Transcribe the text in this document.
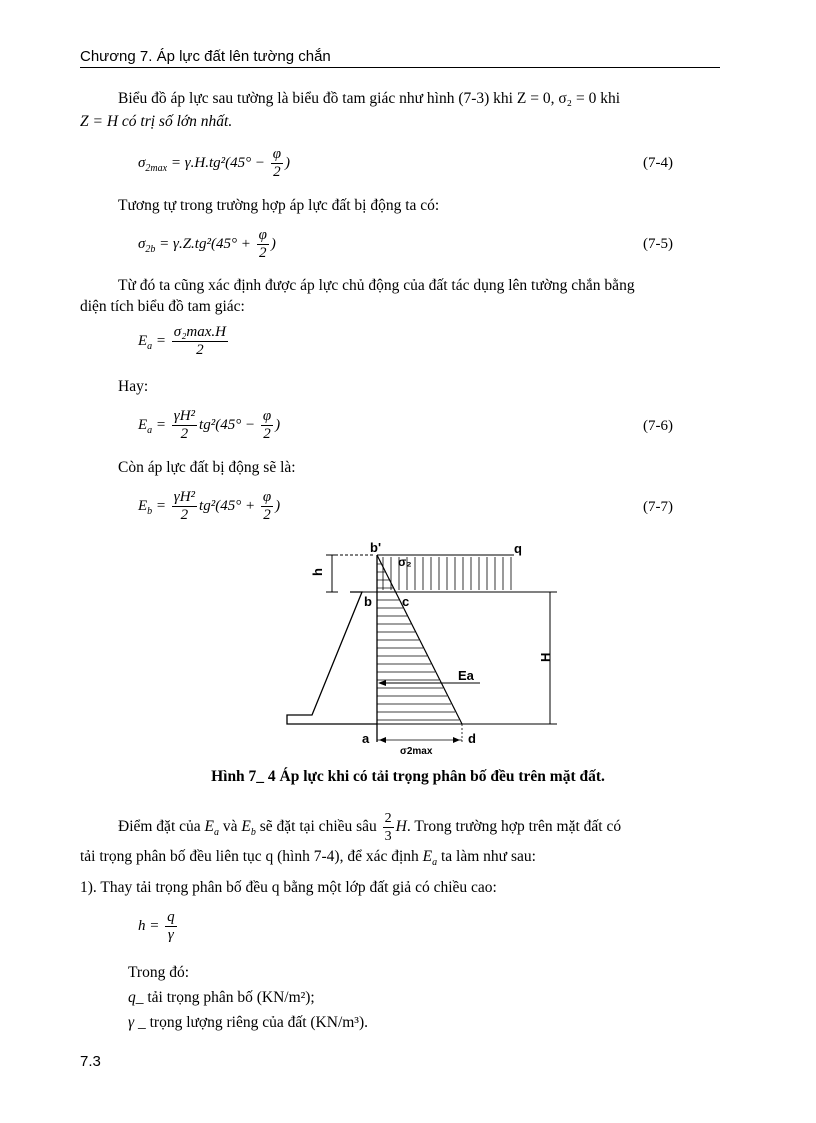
Chương 7. Áp lực đất lên tường chắn
Biểu đồ áp lực sau tường là biểu đồ tam giác như hình (7-3) khi Z = 0, σ₂ = 0 khi
Z = H có trị số lớn nhất.
$\sigma_{2max} = \gamma.H.tg^2(45^\circ - \frac{\varphi}{2}$ )	(7-4)
Tương tự trong trường hợp áp lực đất bị động ta có:
$\sigma_{2b} = \gamma.Z.tg^2(45^\circ + \frac{\varphi}{2}$ )	(7-5)
Từ đó ta cũng xác định được áp lực chủ động của đất tác dụng lên tường chắn bằng
diện tích biểu đồ tam giác:
$E_a = \frac{\text{σ₂max.H}}{2}$
Hay:
$E_a = \frac{\text{γH²}}{2} tg^2(45^\circ - \frac{\varphi}{2}$ )	(7-6)
Còn áp lực đất bị động sẽ là:
$E_b = \frac{\text{γH²}}{2} tg^2(45^\circ + \frac{\varphi}{2}$ )	(7-7)
h
H
b'
σ₂
q
b c
Ea
a	d
σ2max
Hình 7_ 4 Áp lực khi có tải trọng phân bố đều trên mặt đất.
Điểm đặt của $E_a$ và $E_b$ sẽ đặt tại chiều sâu $\frac{2}{3} H$. Trong trường hợp trên mặt đất có
tải trọng phân bố đều liên tục q (hình 7-4), để xác định $E_a$ ta làm như sau:
1). Thay tải trọng phân bố đều q bằng một lớp đất giả có chiều cao:
$h = \frac{q}{\gamma}$
Trong đó:
q_ tải trọng phân bố (KN/m²);
γ _ trọng lượng riêng của đất (KN/m³).
7.3
